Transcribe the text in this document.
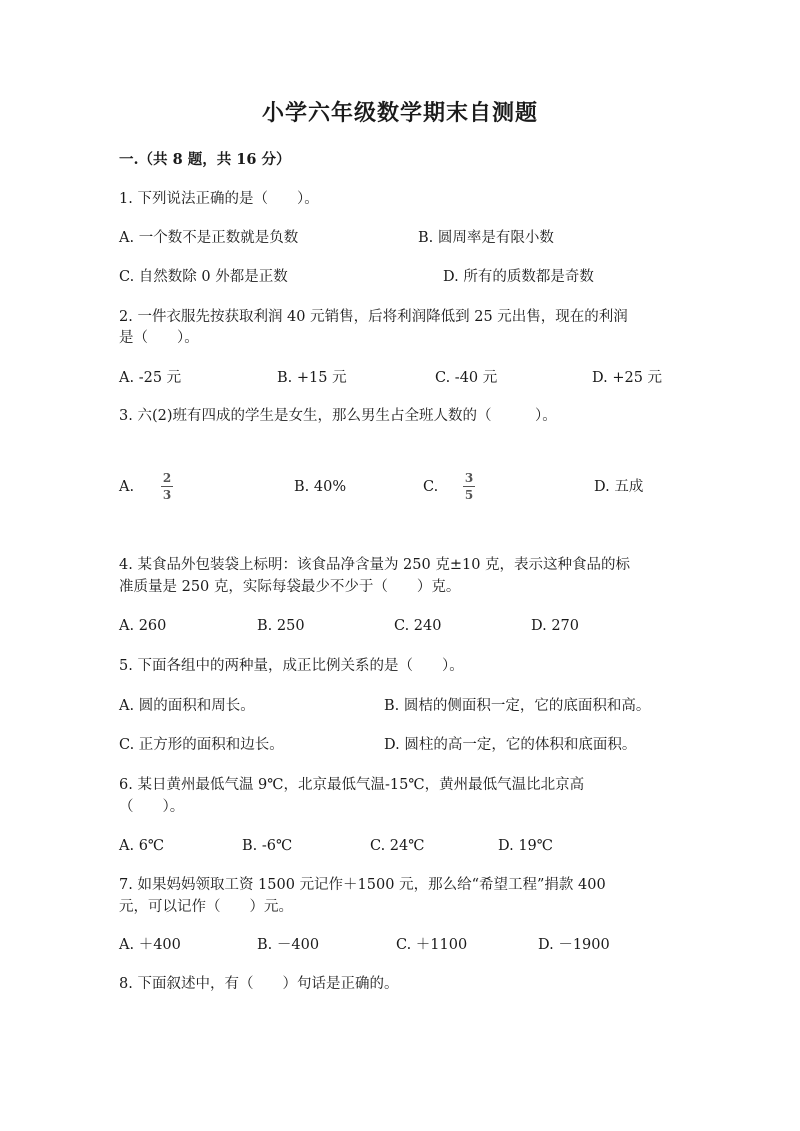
小学六年级数学期末自测题
一.（共 8 题，共 16 分）
1. 下列说法正确的是（　　）。
A. 一个数不是正数就是负数	B. 圆周率是有限小数
C. 自然数除 0 外都是正数	D. 所有的质数都是奇数
2. 一件衣服先按获取利润 40 元销售，后将利润降低到 25 元出售，现在的利润
是（　　）。
A. -25 元	B. +15 元	C. -40 元	D. +25 元
3. 六(2)班有四成的学生是女生，那么男生占全班人数的（　　　）。
A.
2
3	B. 40%	C.
3
5	D. 五成
4. 某食品外包装袋上标明：该食品净含量为 250 克±10 克，表示这种食品的标
准质量是 250 克，实际每袋最少不少于（　　）克。
A. 260	B. 250	C. 240	D. 270
5. 下面各组中的两种量，成正比例关系的是（　　）。
A. 圆的面积和周长。	B. 圆桔的侧面积一定，它的底面积和高。
C. 正方形的面积和边长。	D. 圆柱的高一定，它的体积和底面积。
6. 某日黄州最低气温 9℃，北京最低气温-15℃，黄州最低气温比北京高
（　　）。
A. 6℃	B. -6℃	C. 24℃	D. 19℃
7. 如果妈妈领取工资 1500 元记作＋1500 元，那么给“希望工程”捐款 400
元，可以记作（　　）元。
A. ＋400	B. －400	C. ＋1100	D. －1900
8. 下面叙述中，有（　　）句话是正确的。
